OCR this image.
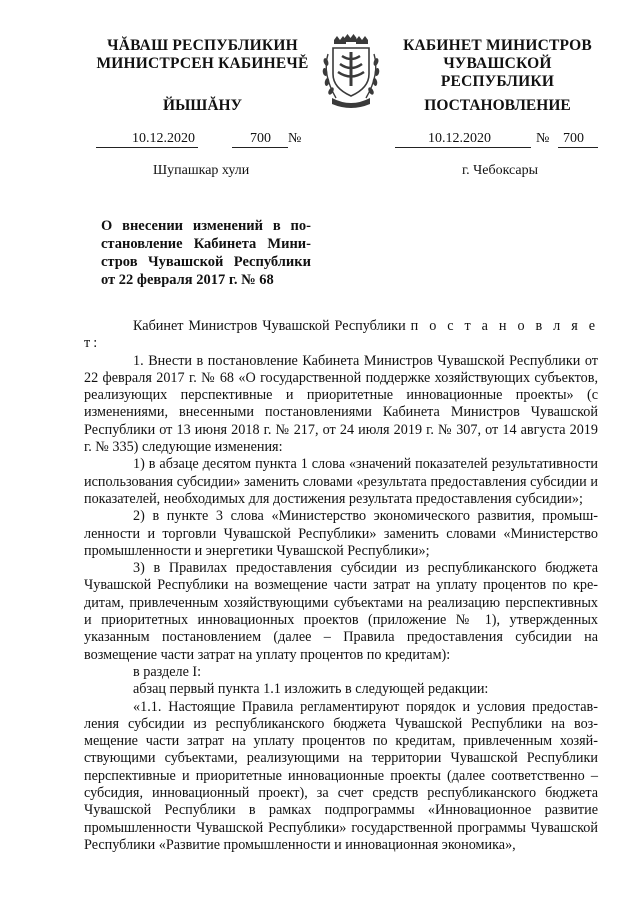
ЧĂВАШ РЕСПУБЛИКИН
МИНИСТРСЕН КАБИНЕЧĚ
ЙЫШĂНУ
КАБИНЕТ МИНИСТРОВ
ЧУВАШСКОЙ РЕСПУБЛИКИ
ПОСТАНОВЛЕНИЕ
10.12.2020	700 №	10.12.2020	№ 700
Шупашкар хули	г. Чебоксары
О внесении изменений в постановление Кабинета Министров Чувашской Республики от 22 февраля 2017 г. № 68

Кабинет Министров Чувашской Республики п о с т а н о в л я е т:

1. Внести в постановление Кабинета Министров Чувашской Республики от 22 февраля 2017 г. № 68 «О государственной поддержке хозяйствующих субъектов, реализующих перспективные и приоритетные инновационные проекты» (с изменениями, внесенными постановлениями Кабинета Министров Чувашской Республики от 13 июня 2018 г. № 217, от 24 июля 2019 г. № 307, от 14 августа 2019 г. № 335) следующие изменения:

1) в абзаце десятом пункта 1 слова «значений показателей результативности использования субсидии» заменить словами «результата предоставления субсидии и показателей, необходимых для достижения результата предоставления субсидии»;

2) в пункте 3 слова «Министерство экономического развития, промышленности и торговли Чувашской Республики» заменить словами «Министерство промышленности и энергетики Чувашской Республики»;

3) в Правилах предоставления субсидии из республиканского бюджета Чувашской Республики на возмещение части затрат на уплату процентов по кредитам, привлеченным хозяйствующими субъектами на реализацию перспективных и приоритетных инновационных проектов (приложение № 1), утвержденных указанным постановлением (далее – Правила предоставления субсидии на возмещение части затрат на уплату процентов по кредитам):

в разделе I:

абзац первый пункта 1.1 изложить в следующей редакции:

«1.1. Настоящие Правила регламентируют порядок и условия предоставления субсидии из республиканского бюджета Чувашской Республики на возмещение части затрат на уплату процентов по кредитам, привлеченным хозяйствующими субъектами, реализующими на территории Чувашской Республики перспективные и приоритетные инновационные проекты (далее соответственно – субсидия, инновационный проект), за счет средств республиканского бюджета Чувашской Республики в рамках подпрограммы «Инновационное развитие промышленности Чувашской Республики» государственной программы Чувашской Республики «Развитие промышленности и инновационная экономика»,
